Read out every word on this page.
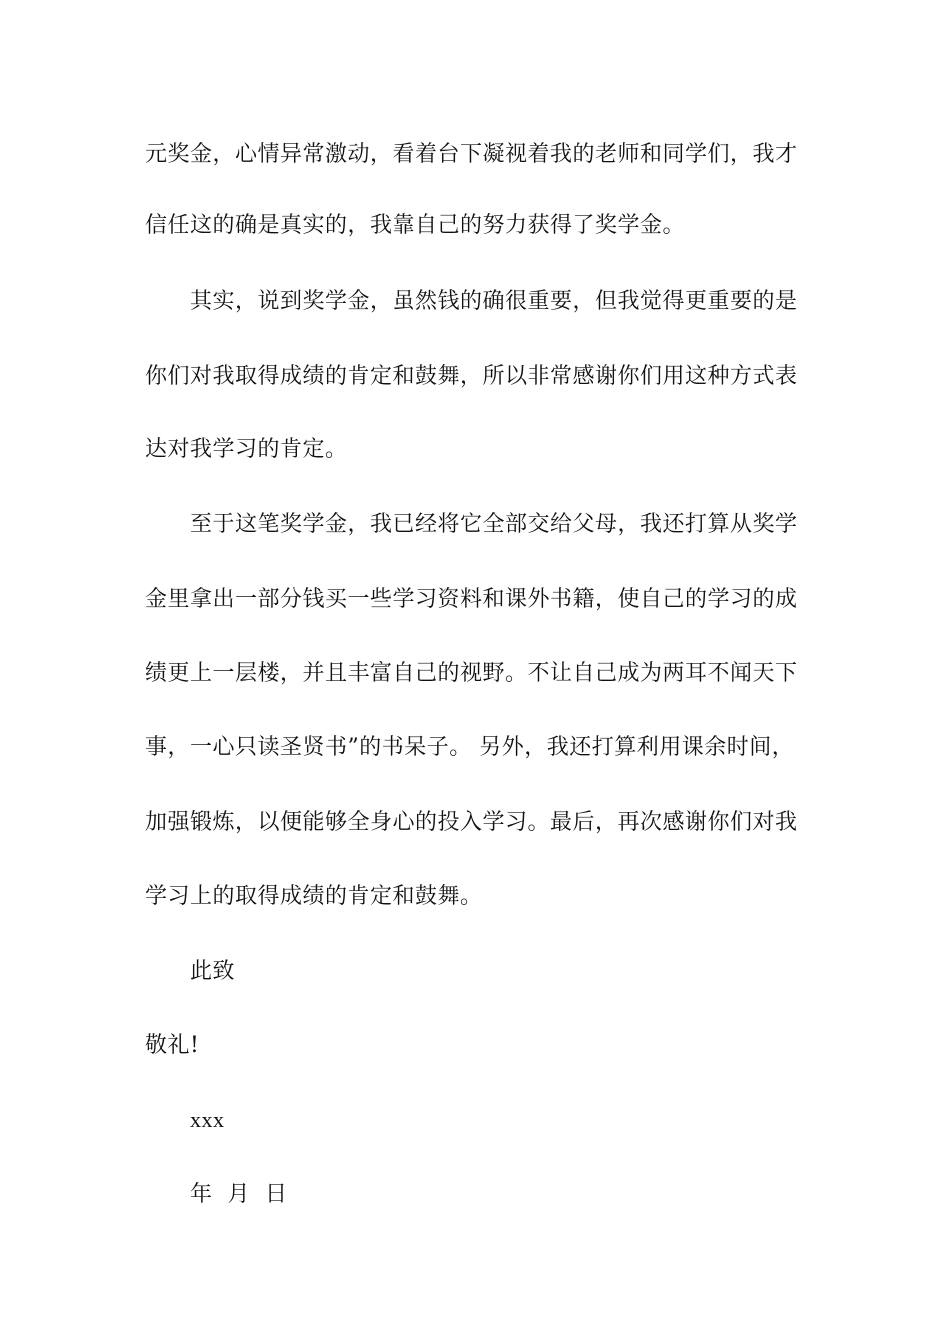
元奖金，心情异常激动，看着台下凝视着我的老师和同学们，我才
信任这的确是真实的，我靠自己的努力获得了奖学金。
其实，说到奖学金，虽然钱的确很重要，但我觉得更重要的是
你们对我取得成绩的肯定和鼓舞，所以非常感谢你们用这种方式表
达对我学习的肯定。
至于这笔奖学金，我已经将它全部交给父母，我还打算从奖学
金里拿出一部分钱买一些学习资料和课外书籍，使自己的学习的成
绩更上一层楼，并且丰富自己的视野。不让自己成为两耳不闻天下
事，一心只读圣贤书”的书呆子。 另外，我还打算利用课余时间，
加强锻炼，以便能够全身心的投入学习。最后，再次感谢你们对我
学习上的取得成绩的肯定和鼓舞。
此致
敬礼!
xxx
年  月  日
